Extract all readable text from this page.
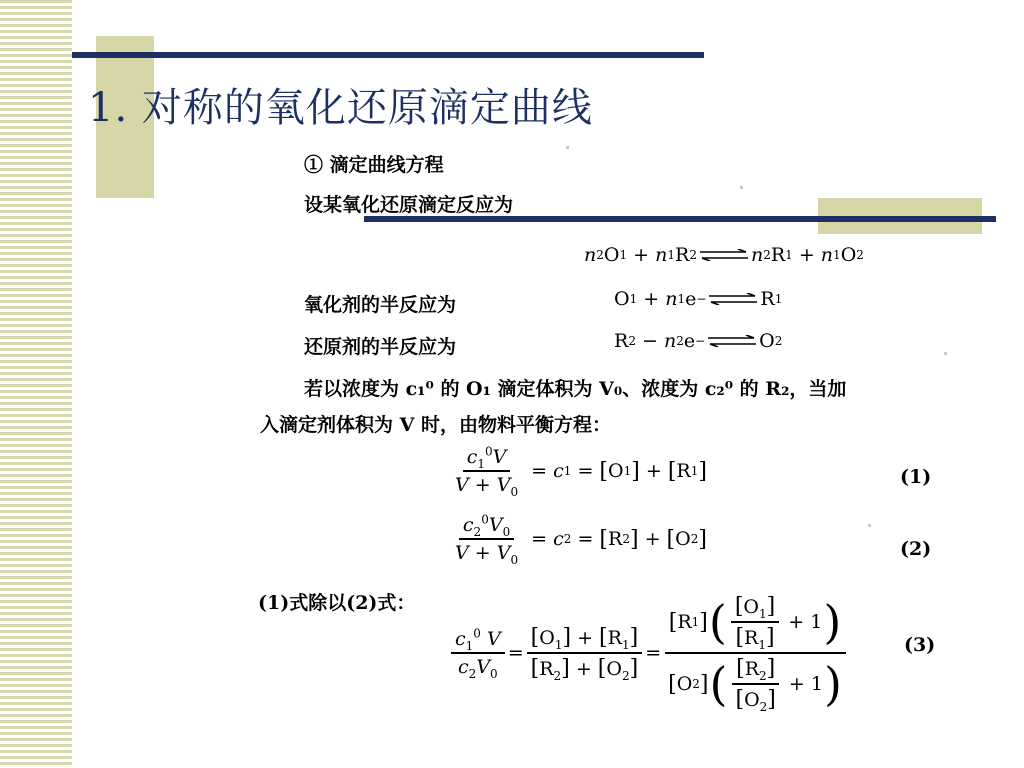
1. 对称的氧化还原滴定曲线
① 滴定曲线方程
设某氧化还原滴定反应为
n 2 O 1 + n 1 R 2 ⇌ n 2 R 1 + n 1 O 2
氧化剂的半反应为	O 1 + n 1 e − ⇌ R 1
还原剂的半反应为	R 2 − n 2 e − ⇌ O 2
若以浓度为 c₁⁰ 的 O₁ 滴定体积为 V₀、浓度为 c₂⁰ 的 R₂，当加
入滴定剂体积为 V 时，由物料平衡方程：
$\frac{c_1^0V}{V + V_0} = c$ 1 = [ O 1 ] + [ R 1 ]	(1)
$\frac{c_2^0V_0}{V + V_0} = c$ 2 = [ R 2 ] + [ O 2 ]	(2)
(1)式除以(2)式：
$\frac{c_1^0 V}{c_2V_0} = \frac{[O_1] + [R_1]}{[R_2] + [O_2]} = \frac{[ R 1 ] ( \frac{[O_1]}{[R_1]} + 1 )}{[ O 2 ] ( \frac{[R_2]}{[O_2]} + 1 )}$	(3)
